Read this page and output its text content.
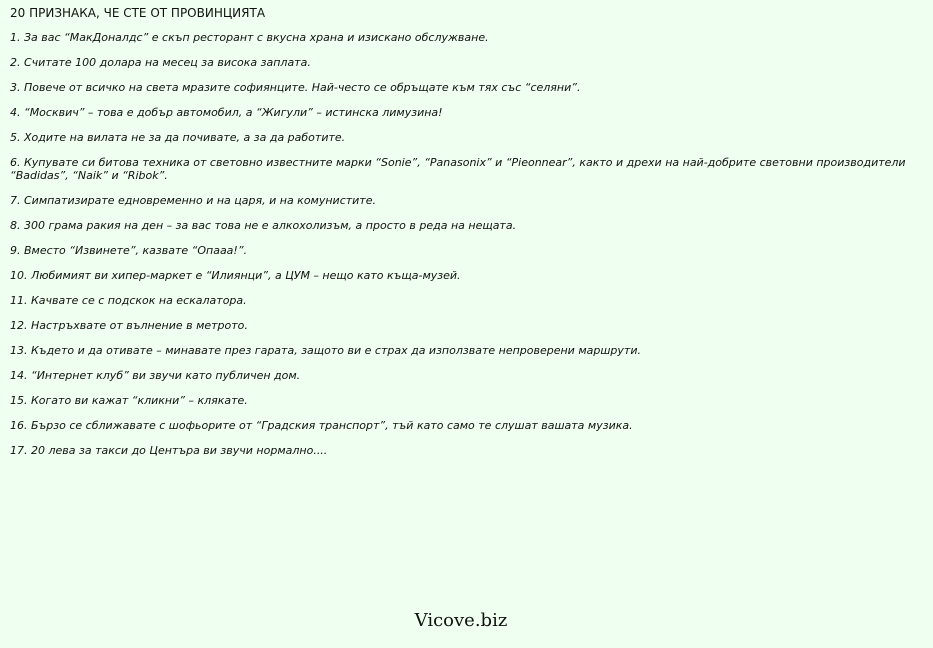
20 ПРИЗНАКА, ЧЕ СТЕ ОТ ПРОВИНЦИЯТА
1. За вас “МакДоналдс” е скъп ресторант с вкусна храна и изискано обслужване.
2. Считате 100 долара на месец за висока заплата.
3. Повече от всичко на света мразите софиянците. Най-често се обръщате към тях със “селяни”.
4. “Москвич” – това е добър автомобил, а “Жигули” – истинска лимузина!
5. Ходите на вилата не за да почивате, а за да работите.
6. Купувате си битова техника от световно известните марки “Sonie”, “Panasonix” и “Pieonnear”, както и дрехи на най-добрите световни производители “Badidas”, “Naik” и “Ribok”.
7. Симпатизирате едновременно и на царя, и на комунистите.
8. 300 грама ракия на ден – за вас това не е алкохолизъм, а просто в реда на нещата.
9. Вместо “Извинете”, казвате “Опааа!”.
10. Любимият ви хипер-маркет е “Илиянци”, а ЦУМ – нещо като къща-музей.
11. Качвате се с подскок на ескалатора.
12. Настръхвате от вълнение в метрото.
13. Където и да отивате – минавате през гарата, защото ви е страх да използвате непроверени маршрути.
14. “Интернет клуб” ви звучи като публичен дом.
15. Когато ви кажат “кликни” – клякате.
16. Бързо се сближавате с шофьорите от “Градския транспорт”, тъй като само те слушат вашата музика.
17. 20 лева за такси до Центъра ви звучи нормално....
Vicove.biz
